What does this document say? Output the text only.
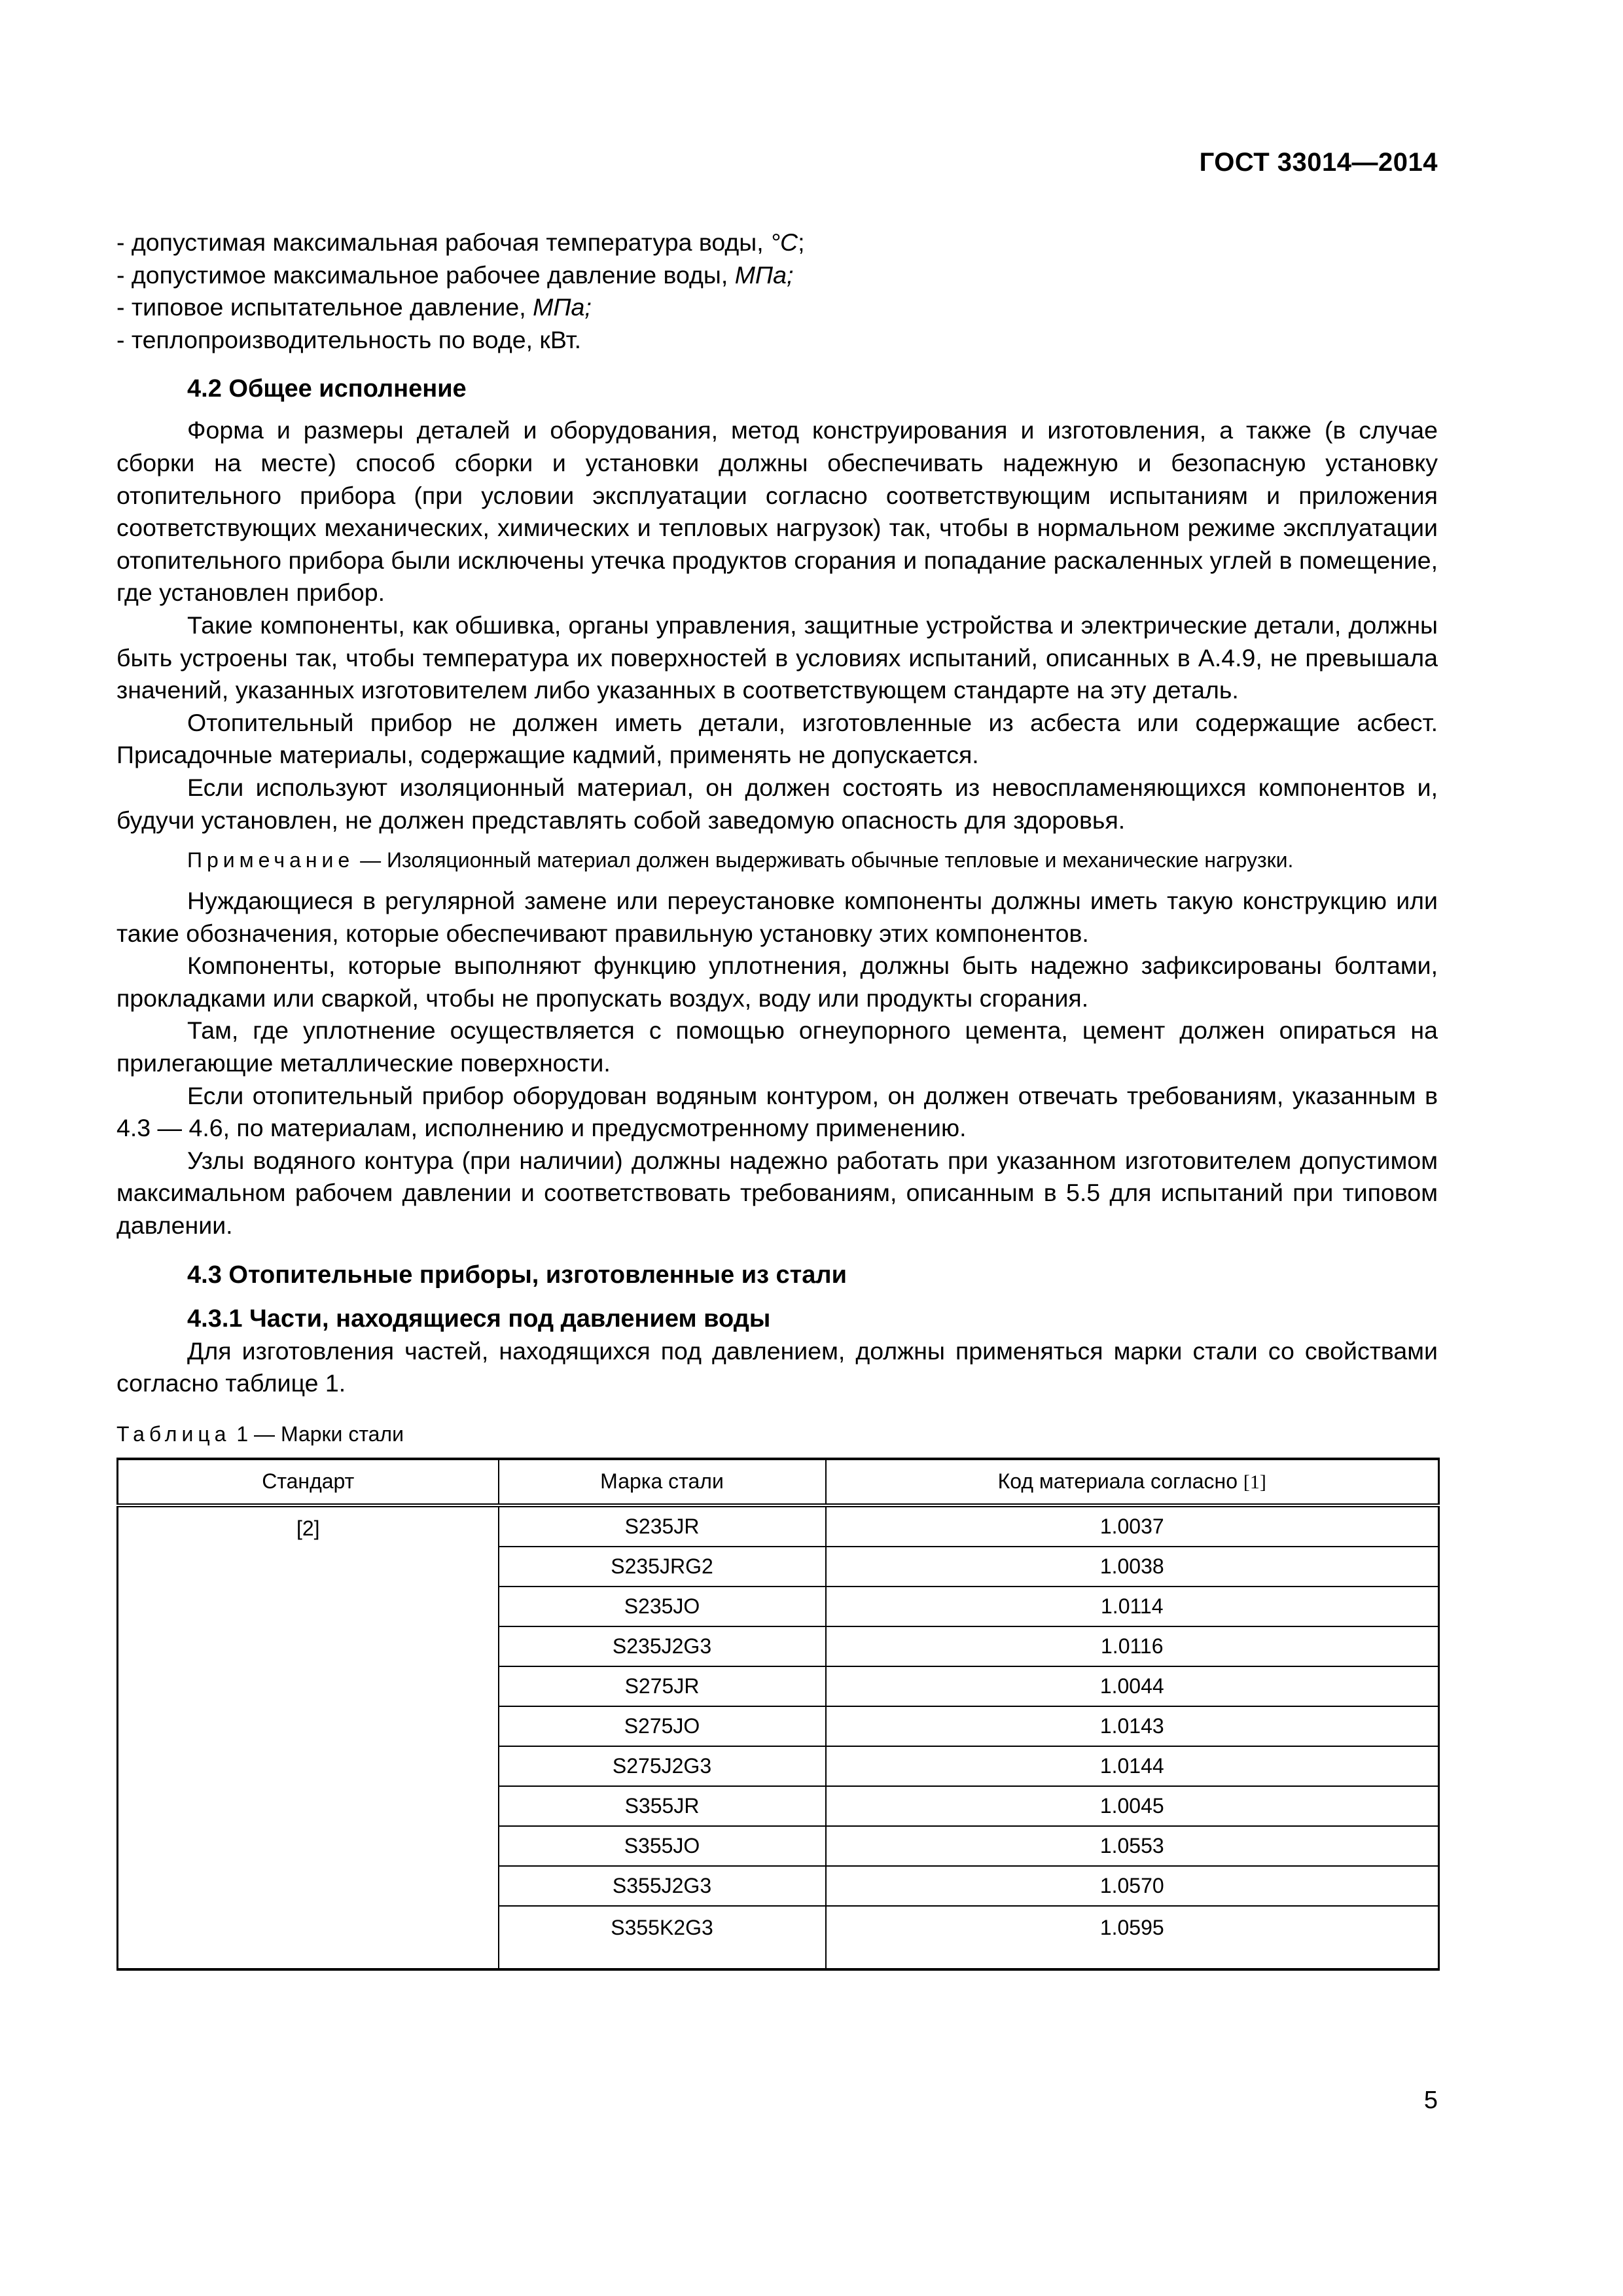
ГОСТ 33014—2014
- допустимая максимальная рабочая температура воды, °C;
- допустимое максимальное рабочее давление воды, МПа;
- типовое испытательное давление, МПа;
- теплопроизводительность по воде, кВт.
4.2 Общее исполнение

Форма и размеры деталей и оборудования, метод конструирования и изготовления, а также (в случае сборки на месте) способ сборки и установки должны обеспечивать надежную и безопасную установку отопительного прибора (при условии эксплуатации согласно соответствующим испытаниям и приложения соответствующих механических, химических и тепловых нагрузок) так, чтобы в нормальном режиме эксплуатации отопительного прибора были исключены утечка продуктов сгорания и попадание раскаленных углей в помещение, где установлен прибор.

Такие компоненты, как обшивка, органы управления, защитные устройства и электрические детали, должны быть устроены так, чтобы температура их поверхностей в условиях испытаний, описанных в А.4.9, не превышала значений, указанных изготовителем либо указанных в соответствующем стандарте на эту деталь.

Отопительный прибор не должен иметь детали, изготовленные из асбеста или содержащие асбест. Присадочные материалы, содержащие кадмий, применять не допускается.

Если используют изоляционный материал, он должен состоять из невоспламеняющихся компонентов и, будучи установлен, не должен представлять собой заведомую опасность для здоровья.

Примечание — Изоляционный материал должен выдерживать обычные тепловые и механические нагрузки.

Нуждающиеся в регулярной замене или переустановке компоненты должны иметь такую конструкцию или такие обозначения, которые обеспечивают правильную установку этих компонентов.

Компоненты, которые выполняют функцию уплотнения, должны быть надежно зафиксированы болтами, прокладками или сваркой, чтобы не пропускать воздух, воду или продукты сгорания.

Там, где уплотнение осуществляется с помощью огнеупорного цемента, цемент должен опираться на прилегающие металлические поверхности.

Если отопительный прибор оборудован водяным контуром, он должен отвечать требованиям, указанным в 4.3 — 4.6, по материалам, исполнению и предусмотренному применению.

Узлы водяного контура (при наличии) должны надежно работать при указанном изготовителем допустимом максимальном рабочем давлении и соответствовать требованиям, описанным в 5.5 для испытаний при типовом давлении.

4.3 Отопительные приборы, изготовленные из стали
4.3.1 Части, находящиеся под давлением воды

Для изготовления частей, находящихся под давлением, должны применяться марки стали со свойствами согласно таблице 1.

Таблица 1 — Марки стали
Стандарт	Марка стали	Код материала согласно [1]
[2]	S235JR	1.0037
	S235JRG2	1.0038
	S235JO	1.0114
	S235J2G3	1.0116
	S275JR	1.0044
	S275JO	1.0143
	S275J2G3	1.0144
	S355JR	1.0045
	S355JO	1.0553
	S355J2G3	1.0570
	S355K2G3	1.0595
5
